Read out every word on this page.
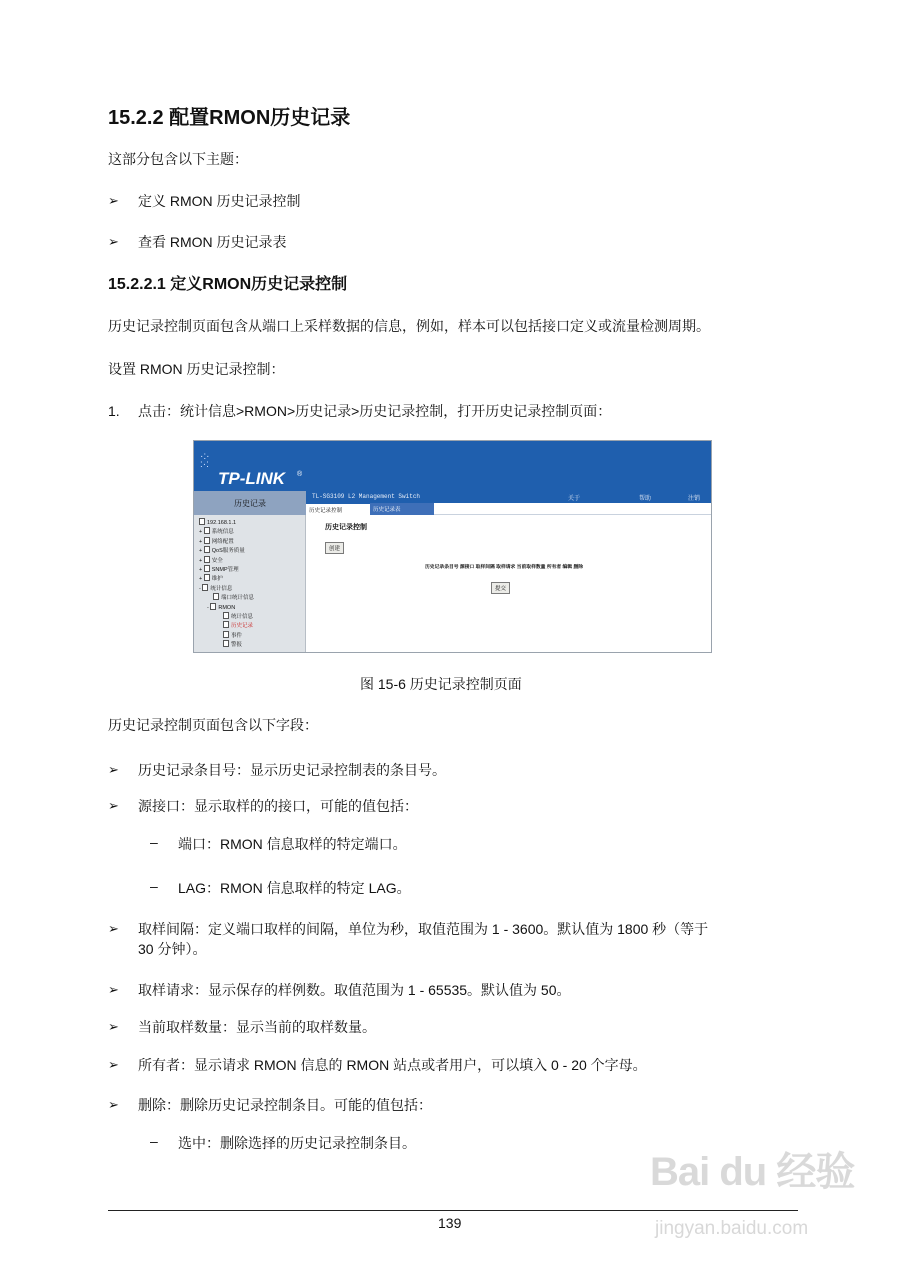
15.2.2 配置RMON历史记录
这部分包含以下主题：
➢ 定义 RMON 历史记录控制
➢ 查看 RMON 历史记录表
15.2.2.1 定义RMON历史记录控制
历史记录控制页面包含从端口上采样数据的信息，例如，样本可以包括接口定义或流量检测周期。
设置 RMON 历史记录控制：
1. 点击：统计信息>RMON>历史记录>历史记录控制，打开历史记录控制页面：
·:·
:·:
TP-LINK ®
历史记录
TL-SG3109 L2 Management Switch	关于	帮助	注销
历史记录控制	历史记录表
192.168.1.1
+ 系统信息
+ 网络配置
+ QoS服务质量
+ 安全
+ SNMP管理
+ 维护
- 统计信息
端口统计信息
- RMON
统计信息
历史记录
事件
警报
历史记录控制
创建
历史记录条目号 源接口 取样间隔 取样请求 当前取样数量 所有者 编辑 删除
提交
图 15-6 历史记录控制页面
历史记录控制页面包含以下字段：
➢ 历史记录条目号：显示历史记录控制表的条目号。
➢ 源接口：显示取样的的接口，可能的值包括：
– 端口：RMON 信息取样的特定端口。
– LAG：RMON 信息取样的特定 LAG。
➢ 取样间隔：定义端口取样的间隔，单位为秒，取值范围为 1 - 3600。默认值为 1800 秒（等于
30 分钟）。
➢ 取样请求：显示保存的样例数。取值范围为 1 - 65535。默认值为 50。
➢ 当前取样数量：显示当前的取样数量。
➢ 所有者：显示请求 RMON 信息的 RMON 站点或者用户，可以填入 0 - 20 个字母。
➢ 删除：删除历史记录控制条目。可能的值包括：
– 选中：删除选择的历史记录控制条目。
Bai du 经验
jingyan.baidu.com
139
